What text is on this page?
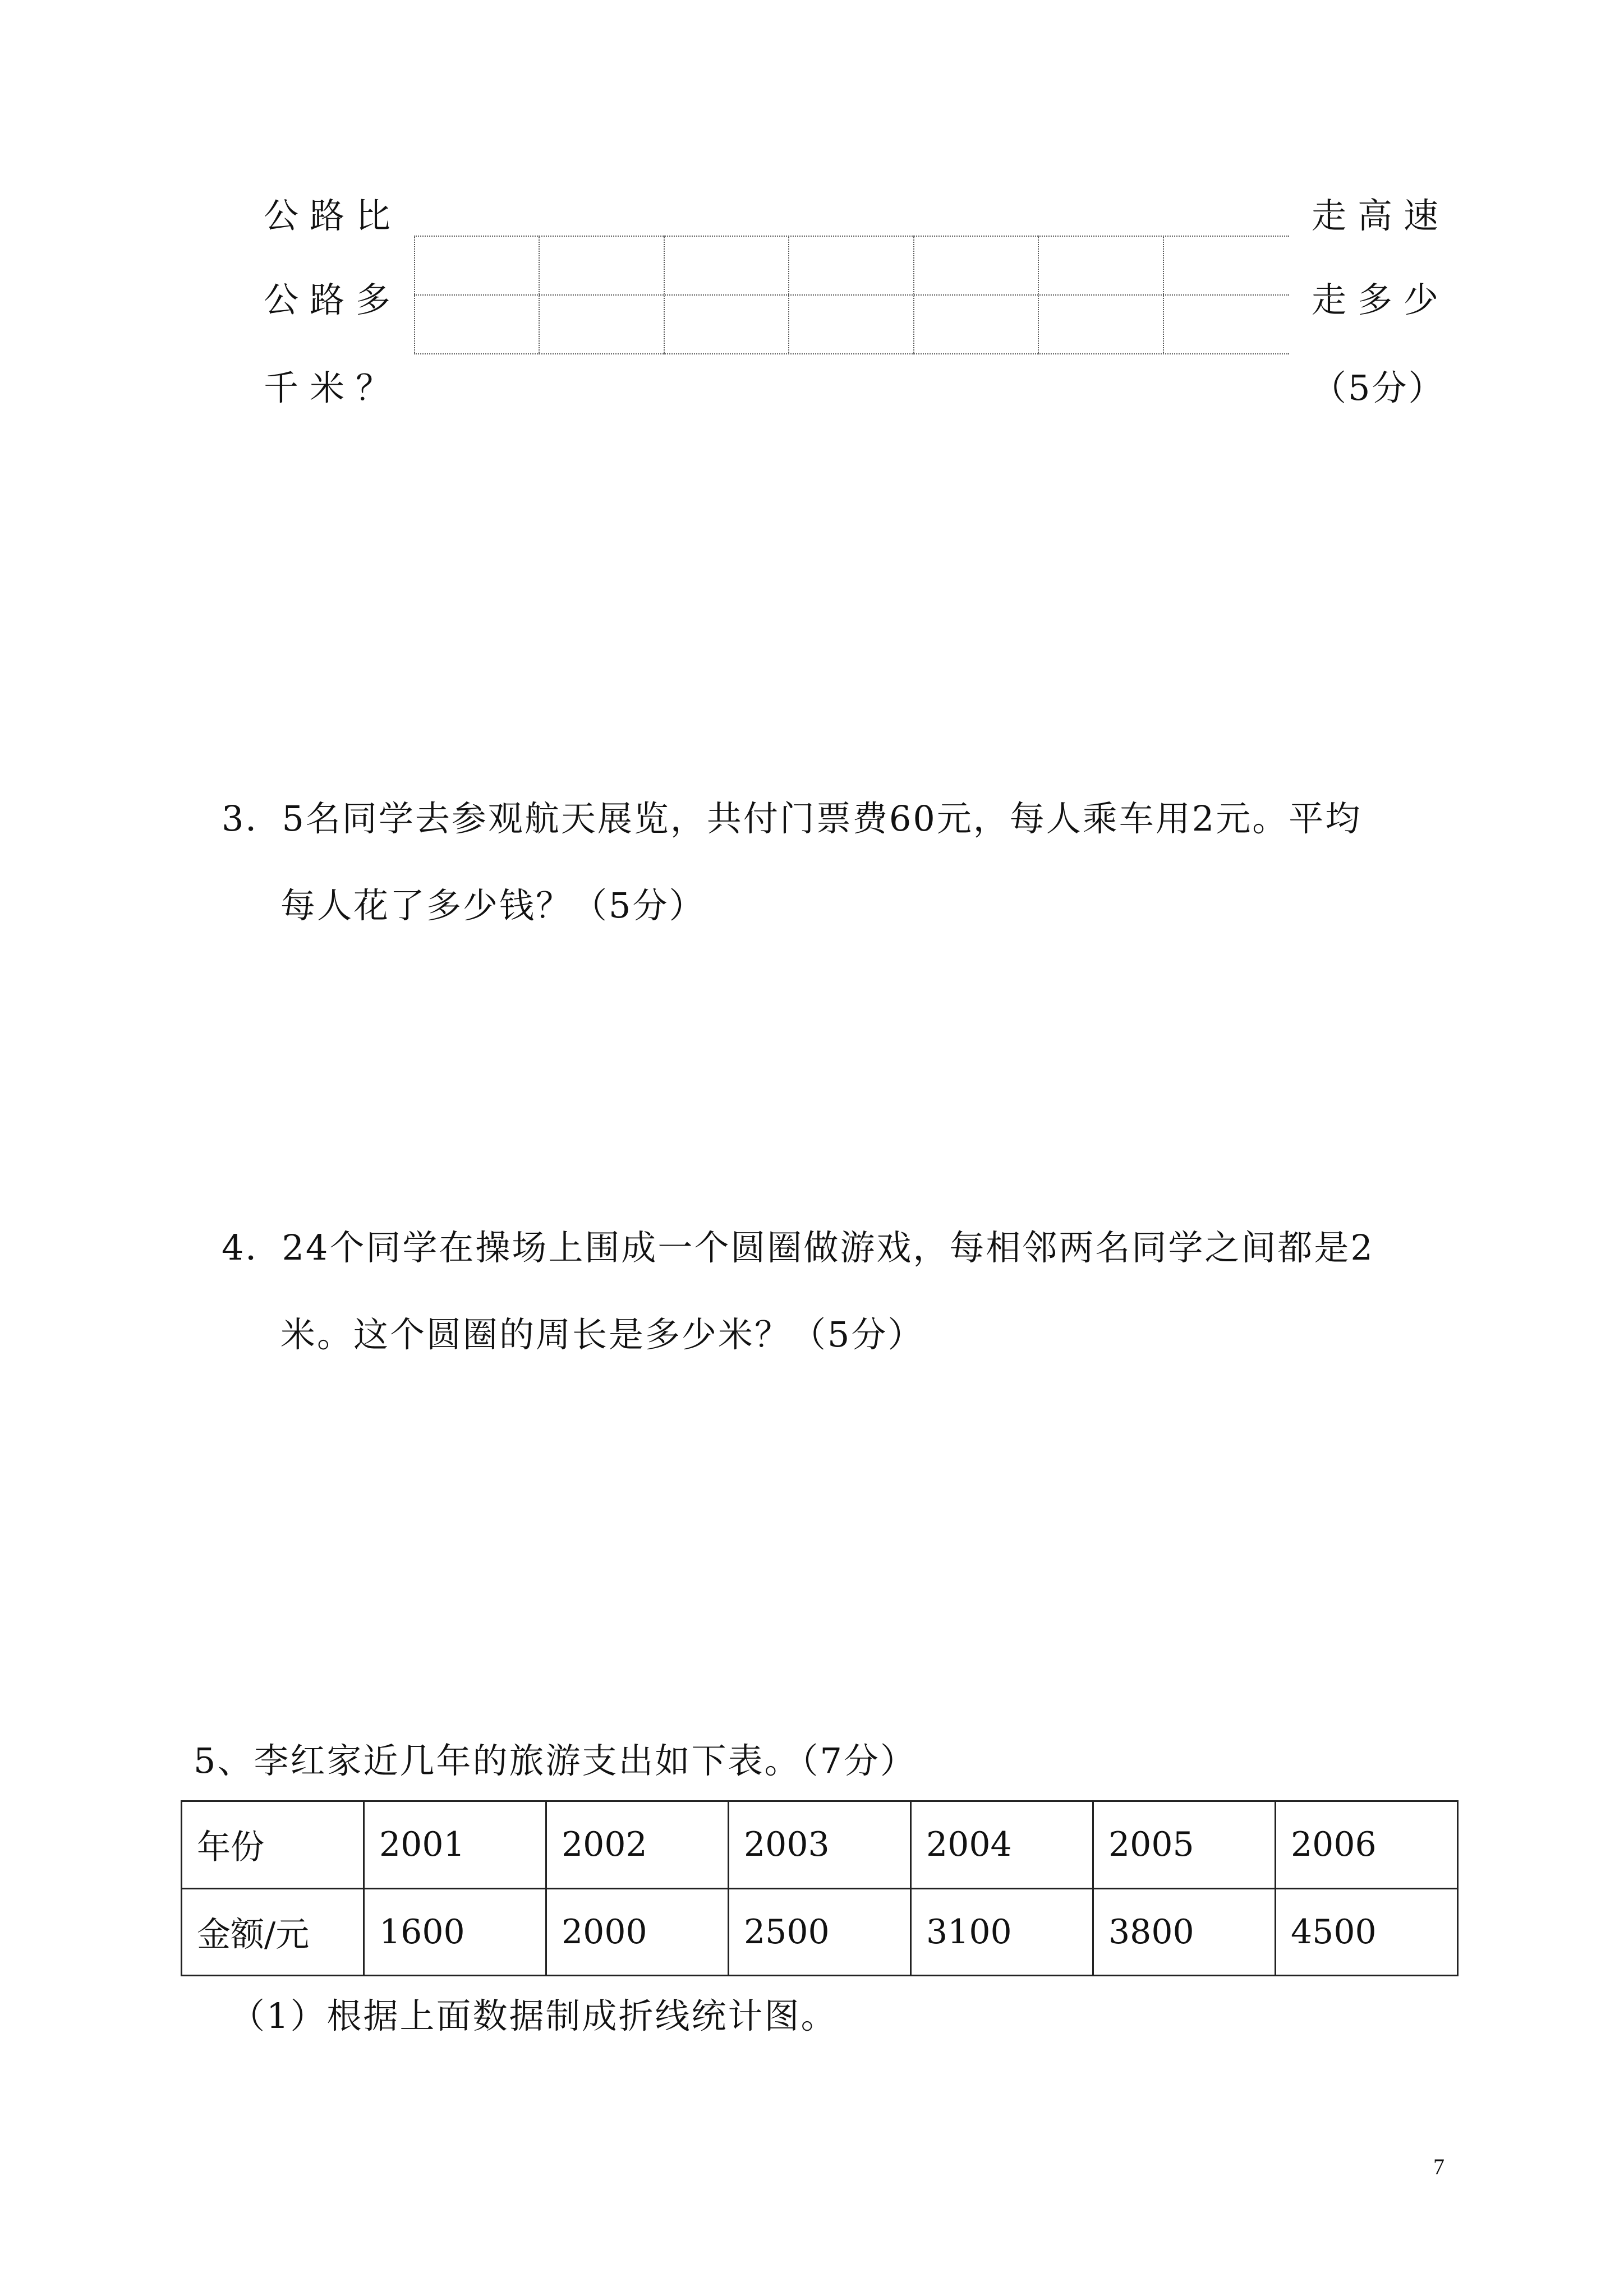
公路比
公路多
千米？
走高速
走多少
（5分）
3．5名同学去参观航天展览，共付门票费60元，每人乘车用2元。平均
每人花了多少钱？（5分）
4．24个同学在操场上围成一个圆圈做游戏，每相邻两名同学之间都是2
米。这个圆圈的周长是多少米？（5分）
5、李红家近几年的旅游支出如下表。（7分）
年份	2001	2002	2003	2004	2005	2006
金额/元	1600	2000	2500	3100	3800	4500
（1）根据上面数据制成折线统计图。
7
